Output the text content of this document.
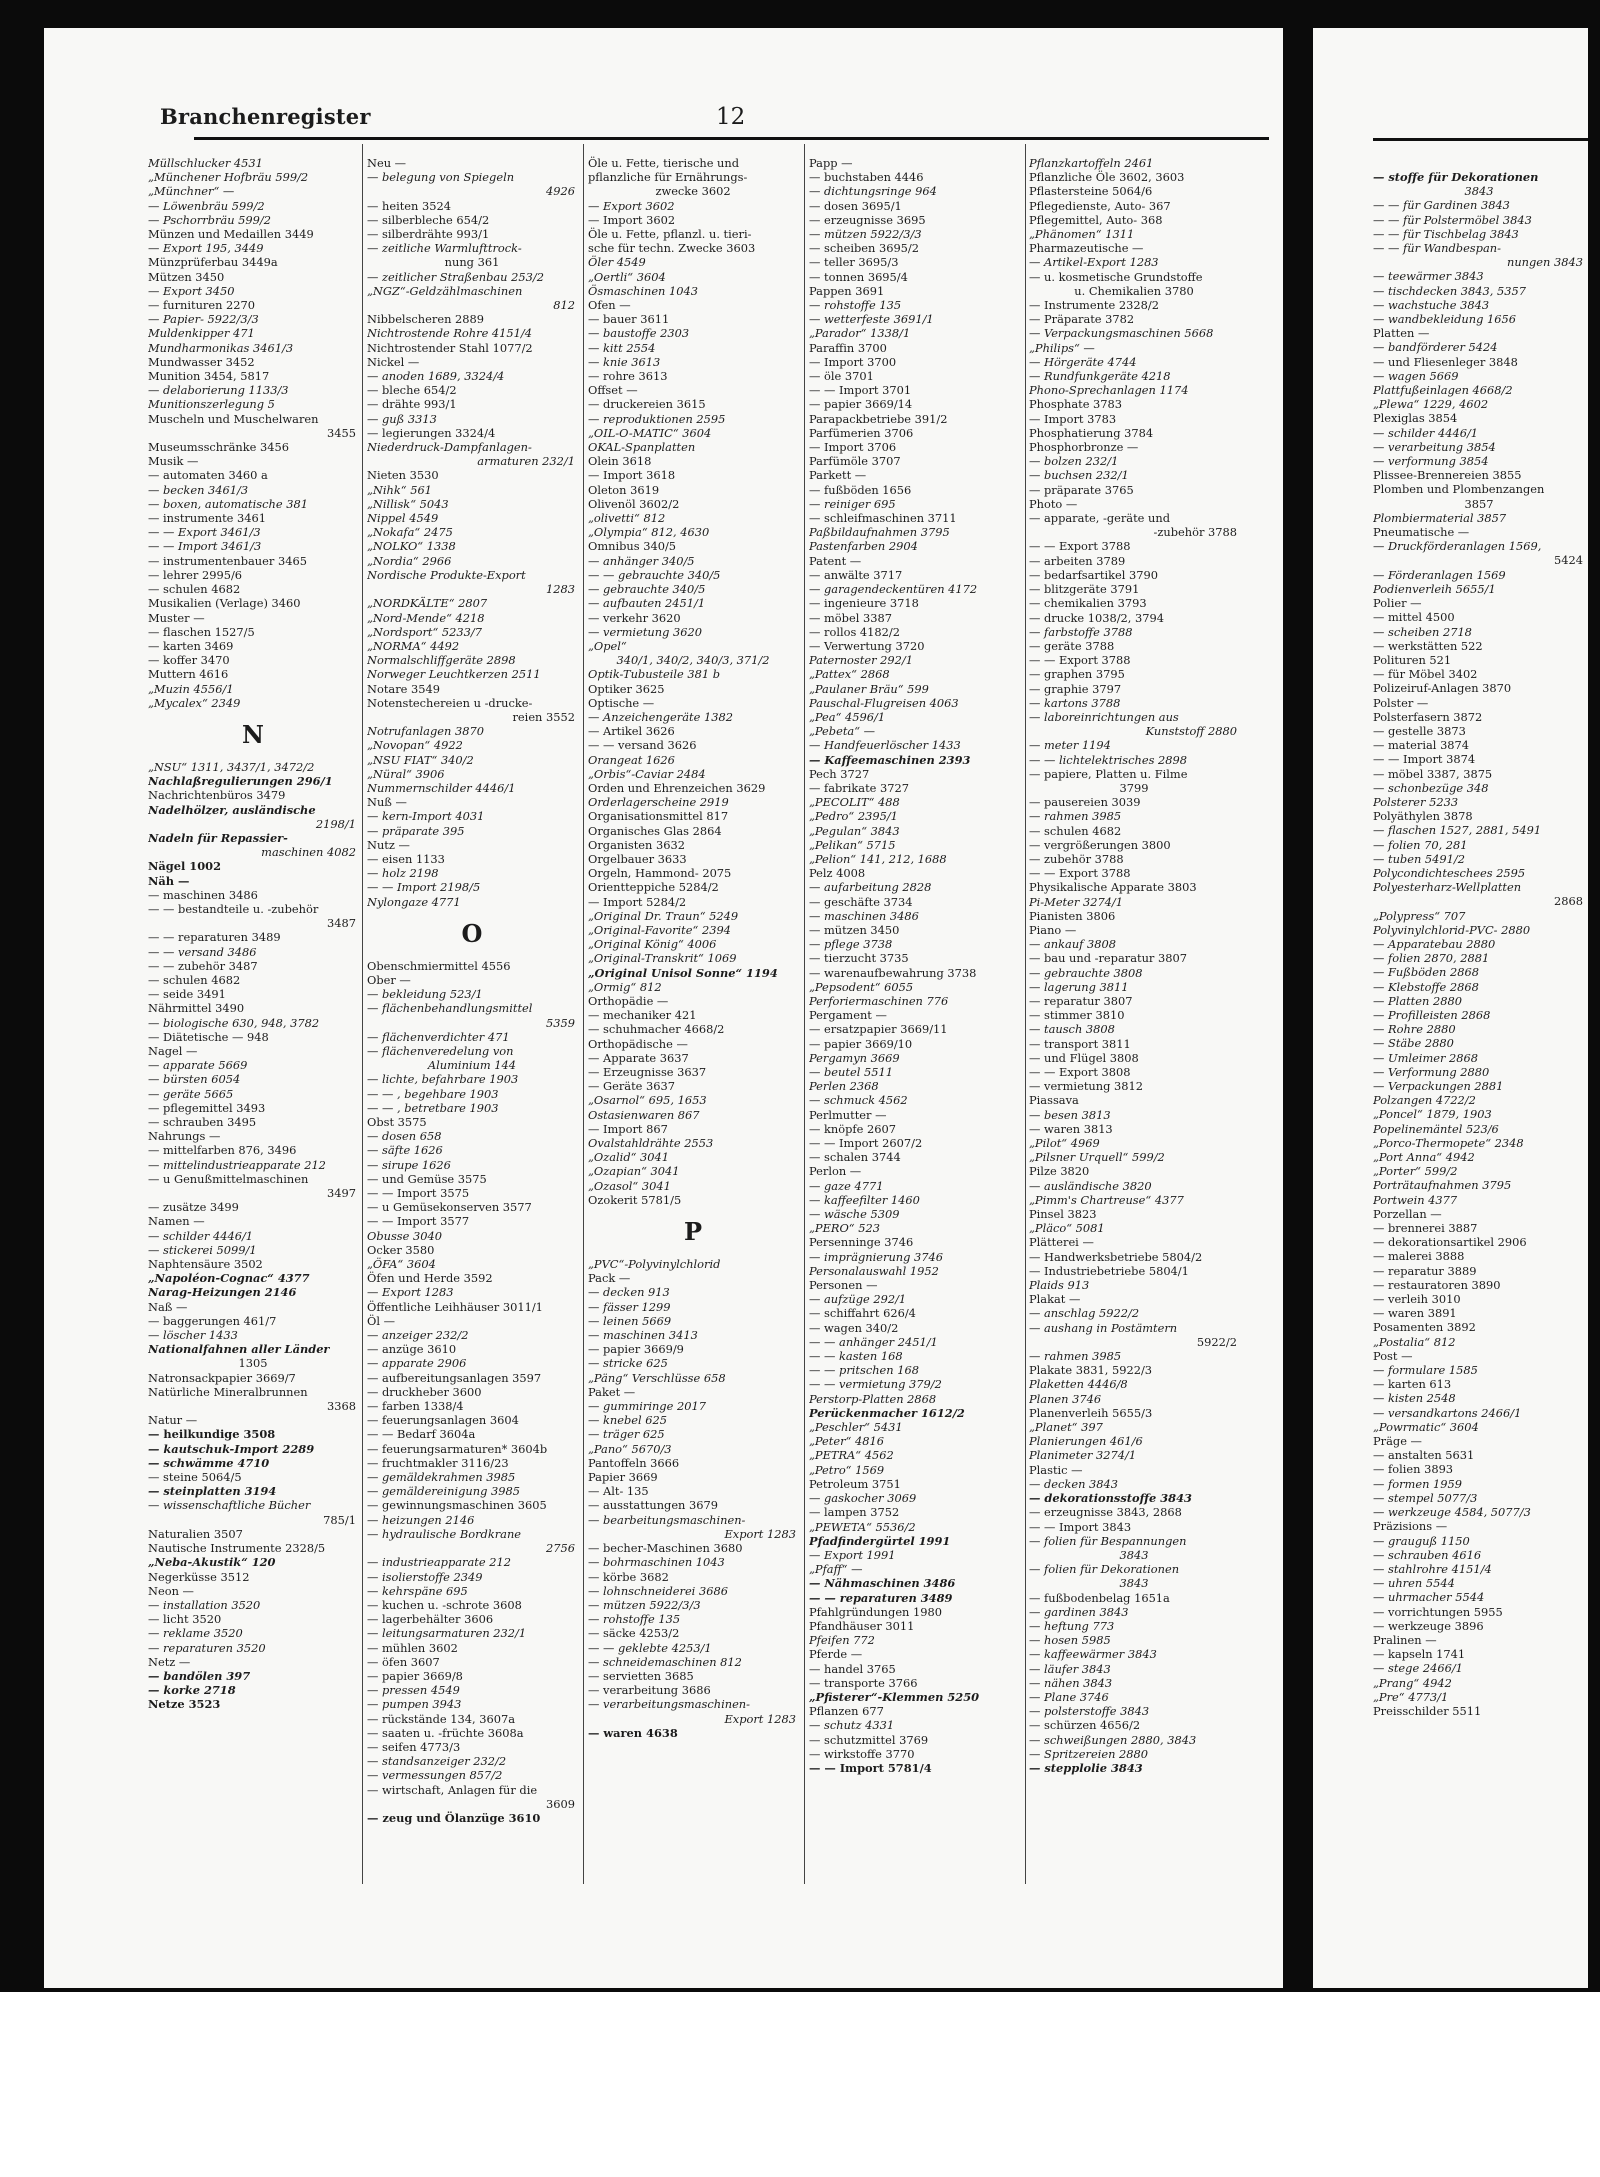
Branchenregister	12

Müllschlucker 4531

„Münchener Hofbräu 599/2

„Münchner“ —

— Löwenbräu 599/2

— Pschorrbräu 599/2

Münzen und Medaillen 3449

— Export 195, 3449

Münzprüferbau 3449a

Mützen 3450

— Export 3450

— furnituren 2270

— Papier- 5922/3/3

Muldenkipper 471

Mundharmonikas 3461/3

Mundwasser 3452

Munition 3454, 5817

— delaborierung 1133/3

Munitionszerlegung 5

Muscheln und Muschelwaren

3455

Museumsschränke 3456

Musik —

— automaten 3460 a

— becken 3461/3

— boxen, automatische 381

— instrumente 3461

— — Export 3461/3

— — Import 3461/3

— instrumentenbauer 3465

— lehrer 2995/6

— schulen 4682

Musikalien (Verlage) 3460

Muster —

— flaschen 1527/5

— karten 3469

— koffer 3470

Muttern 4616

„Muzin 4556/1

„Mycalex“ 2349

N

„NSU“ 1311, 3437/1, 3472/2

Nachlaßregulierungen 296/1

Nachrichtenbüros 3479

Nadelhölzer, ausländische

2198/1

Nadeln für Repassier-

maschinen 4082

Nägel 1002

Näh —

— maschinen 3486

— — bestandteile u. -zubehör

3487

— — reparaturen 3489

— — versand 3486

— — zubehör 3487

— schulen 4682

— seide 3491

Nährmittel 3490

— biologische 630, 948, 3782

— Diätetische — 948

Nagel —

— apparate 5669

— bürsten 6054

— geräte 5665

— pflegemittel 3493

— schrauben 3495

Nahrungs —

— mittelfarben 876, 3496

— mittelindustrieapparate 212

— u Genußmittelmaschinen

3497

— zusätze 3499

Namen —

— schilder 4446/1

— stickerei 5099/1

Naphtensäure 3502

„Napoléon-Cognac“ 4377

Narag-Heizungen 2146

Naß —

— baggerungen 461/7

— löscher 1433

Nationalfahnen aller Länder

1305

Natronsackpapier 3669/7

Natürliche Mineralbrunnen

3368

Natur —

— heilkundige 3508

— kautschuk-Import 2289

— schwämme 4710

— steine 5064/5

— steinplatten 3194

— wissenschaftliche Bücher

785/1

Naturalien 3507

Nautische Instrumente 2328/5

„Neba-Akustik“ 120

Negerküsse 3512

Neon —

— installation 3520

— licht 3520

— reklame 3520

— reparaturen 3520

Netz —

— bandölen 397

— korke 2718

Netze 3523

Neu —

— belegung von Spiegeln

4926

— heiten 3524

— silberbleche 654/2

— silberdrähte 993/1

— zeitliche Warmlufttrock-

nung 361

— zeitlicher Straßenbau 253/2

„NGZ“-Geldzählmaschinen

812

Nibbelscheren 2889

Nichtrostende Rohre 4151/4

Nichtrostender Stahl 1077/2

Nickel —

— anoden 1689, 3324/4

— bleche 654/2

— drähte 993/1

— guß 3313

— legierungen 3324/4

Niederdruck-Dampfanlagen-

armaturen 232/1

Nieten 3530

„Nihk“ 561

„Nillisk“ 5043

Nippel 4549

„Nokafa“ 2475

„NOLKO“ 1338

„Nordia“ 2966

Nordische Produkte-Export

1283

„NORDKÄLTE“ 2807

„Nord-Mende“ 4218

„Nordsport“ 5233/7

„NORMA“ 4492

Normalschliffgeräte 2898

Norweger Leuchtkerzen 2511

Notare 3549

Notenstechereien u -drucke-

reien 3552

Notrufanlagen 3870

„Novopan“ 4922

„NSU FIAT“ 340/2

„Nüral“ 3906

Nummernschilder 4446/1

Nuß —

— kern-Import 4031

— präparate 395

Nutz —

— eisen 1133

— holz 2198

— — Import 2198/5

Nylongaze 4771

O

Obenschmiermittel 4556

Ober —

— bekleidung 523/1

— flächenbehandlungsmittel

5359

— flächenverdichter 471

— flächenveredelung von

Aluminium 144

— lichte, befahrbare 1903

— — , begehbare 1903

— — , betretbare 1903

Obst 3575

— dosen 658

— säfte 1626

— sirupe 1626

— und Gemüse 3575

— — Import 3575

— u Gemüsekonserven 3577

— — Import 3577

Obusse 3040

Ocker 3580

„ÖFA“ 3604

Öfen und Herde 3592

— Export 1283

Öffentliche Leihhäuser 3011/1

Öl —

— anzeiger 232/2

— anzüge 3610

— apparate 2906

— aufbereitungsanlagen 3597

— druckheber 3600

— farben 1338/4

— feuerungsanlagen 3604

— — Bedarf 3604a

— feuerungsarmaturen* 3604b

— fruchtmakler 3116/23

— gemäldekrahmen 3985

— gemäldereinigung 3985

— gewinnungsmaschinen 3605

— heizungen 2146

— hydraulische Bordkrane

2756

— industrieapparate 212

— isolierstoffe 2349

— kehrspäne 695

— kuchen u. -schrote 3608

— lagerbehälter 3606

— leitungsarmaturen 232/1

— mühlen 3602

— öfen 3607

— papier 3669/8

— pressen 4549

— pumpen 3943

— rückstände 134, 3607a

— saaten u. -früchte 3608a

— seifen 4773/3

— standsanzeiger 232/2

— vermessungen 857/2

— wirtschaft, Anlagen für die

3609

— zeug und Ölanzüge 3610

Öle u. Fette, tierische und

pflanzliche für Ernährungs-

zwecke 3602

— Export 3602

— Import 3602

Öle u. Fette, pflanzl. u. tieri-

sche für techn. Zwecke 3603

Öler 4549

„Oertli“ 3604

Ösmaschinen 1043

Ofen —

— bauer 3611

— baustoffe 2303

— kitt 2554

— knie 3613

— rohre 3613

Offset —

— druckereien 3615

— reproduktionen 2595

„OIL-O-MATIC“ 3604

OKAL-Spanplatten

Olein 3618

— Import 3618

Oleton 3619

Olivenöl 3602/2

„olivetti“ 812

„Olympia“ 812, 4630

Omnibus 340/5

— anhänger 340/5

— — gebrauchte 340/5

— gebrauchte 340/5

— aufbauten 2451/1

— verkehr 3620

— vermietung 3620

„Opel“

340/1, 340/2, 340/3, 371/2

Optik-Tubusteile 381 b

Optiker 3625

Optische —

— Anzeichengeräte 1382

— Artikel 3626

— — versand 3626

Orangeat 1626

„Orbis“-Caviar 2484

Orden und Ehrenzeichen 3629

Orderlagerscheine 2919

Organisationsmittel 817

Organisches Glas 2864

Organisten 3632

Orgelbauer 3633

Orgeln, Hammond- 2075

Orientteppiche 5284/2

— Import 5284/2

„Original Dr. Traun“ 5249

„Original-Favorite“ 2394

„Original König“ 4006

„Original-Transkrit“ 1069

„Original Unisol Sonne“ 1194

„Ormig“ 812

Orthopädie —

— mechaniker 421

— schuhmacher 4668/2

Orthopädische —

— Apparate 3637

— Erzeugnisse 3637

— Geräte 3637

„Osarnol“ 695, 1653

Ostasienwaren 867

— Import 867

Ovalstahldrähte 2553

„Ozalid“ 3041

„Ozapian“ 3041

„Ozasol“ 3041

Ozokerit 5781/5

P

„PVC“-Polyvinylchlorid

Pack —

— decken 913

— fässer 1299

— leinen 5669

— maschinen 3413

— papier 3669/9

— stricke 625

„Päng“ Verschlüsse 658

Paket —

— gummiringe 2017

— knebel 625

— träger 625

„Pano“ 5670/3

Pantoffeln 3666

Papier 3669

— Alt- 135

— ausstattungen 3679

— bearbeitungsmaschinen-

Export 1283

— becher-Maschinen 3680

— bohrmaschinen 1043

— körbe 3682

— lohnschneiderei 3686

— mützen 5922/3/3

— rohstoffe 135

— säcke 4253/2

— — geklebte 4253/1

— schneidemaschinen 812

— servietten 3685

— verarbeitung 3686

— verarbeitungsmaschinen-

Export 1283

— waren 4638

Papp —

— buchstaben 4446

— dichtungsringe 964

— dosen 3695/1

— erzeugnisse 3695

— mützen 5922/3/3

— scheiben 3695/2

— teller 3695/3

— tonnen 3695/4

Pappen 3691

— rohstoffe 135

— wetterfeste 3691/1

„Parador“ 1338/1

Paraffin 3700

— Import 3700

— öle 3701

— — Import 3701

— papier 3669/14

Parapackbetriebe 391/2

Parfümerien 3706

— Import 3706

Parfümöle 3707

Parkett —

— fußböden 1656

— reiniger 695

— schleifmaschinen 3711

Paßbildaufnahmen 3795

Pastenfarben 2904

Patent —

— anwälte 3717

— garagendeckentüren 4172

— ingenieure 3718

— möbel 3387

— rollos 4182/2

— Verwertung 3720

Paternoster 292/1

„Pattex“ 2868

„Paulaner Bräu“ 599

Pauschal-Flugreisen 4063

„Pea“ 4596/1

„Pebeta“ —

— Handfeuerlöscher 1433

— Kaffeemaschinen 2393

Pech 3727

— fabrikate 3727

„PECOLIT“ 488

„Pedro“ 2395/1

„Pegulan“ 3843

„Pelikan“ 5715

„Pelion“ 141, 212, 1688

Pelz 4008

— aufarbeitung 2828

— geschäfte 3734

— maschinen 3486

— mützen 3450

— pflege 3738

— tierzucht 3735

— warenaufbewahrung 3738

„Pepsodent“ 6055

Perforiermaschinen 776

Pergament —

— ersatzpapier 3669/11

— papier 3669/10

Pergamyn 3669

— beutel 5511

Perlen 2368

— schmuck 4562

Perlmutter —

— knöpfe 2607

— — Import 2607/2

— schalen 3744

Perlon —

— gaze 4771

— kaffeefilter 1460

— wäsche 5309

„PERO“ 523

Persenninge 3746

— imprägnierung 3746

Personalauswahl 1952

Personen —

— aufzüge 292/1

— schiffahrt 626/4

— wagen 340/2

— — anhänger 2451/1

— — kasten 168

— — pritschen 168

— — vermietung 379/2

Perstorp-Platten 2868

Perückenmacher 1612/2

„Peschler“ 5431

„Peter“ 4816

„PETRA“ 4562

„Petro“ 1569

Petroleum 3751

— gaskocher 3069

— lampen 3752

„PEWETA“ 5536/2

Pfadfindergürtel 1991

— Export 1991

„Pfaff“ —

— Nähmaschinen 3486

— — reparaturen 3489

Pfahlgründungen 1980

Pfandhäuser 3011

Pfeifen 772

Pferde —

— handel 3765

— transporte 3766

„Pfisterer“-Klemmen 5250

Pflanzen 677

— schutz 4331

— schutzmittel 3769

— wirkstoffe 3770

— — Import 5781/4

Pflanzkartoffeln 2461

Pflanzliche Öle 3602, 3603

Pflastersteine 5064/6

Pflegedienste, Auto- 367

Pflegemittel, Auto- 368

„Phänomen“ 1311

Pharmazeutische —

— Artikel-Export 1283

— u. kosmetische Grundstoffe

u. Chemikalien 3780

— Instrumente 2328/2

— Präparate 3782

— Verpackungsmaschinen 5668

„Philips“ —

— Hörgeräte 4744

— Rundfunkgeräte 4218

Phono-Sprechanlagen 1174

Phosphate 3783

— Import 3783

Phosphatierung 3784

Phosphorbronze —

— bolzen 232/1

— buchsen 232/1

— präparate 3765

Photo —

— apparate, -geräte und

-zubehör 3788

— — Export 3788

— arbeiten 3789

— bedarfsartikel 3790

— blitzgeräte 3791

— chemikalien 3793

— drucke 1038/2, 3794

— farbstoffe 3788

— geräte 3788

— — Export 3788

— graphen 3795

— graphie 3797

— kartons 3788

— laboreinrichtungen aus

Kunststoff 2880

— meter 1194

— — lichtelektrisches 2898

— papiere, Platten u. Filme

3799

— pausereien 3039

— rahmen 3985

— schulen 4682

— vergrößerungen 3800

— zubehör 3788

— — Export 3788

Physikalische Apparate 3803

Pi-Meter 3274/1

Pianisten 3806

Piano —

— ankauf 3808

— bau und -reparatur 3807

— gebrauchte 3808

— lagerung 3811

— reparatur 3807

— stimmer 3810

— tausch 3808

— transport 3811

— und Flügel 3808

— — Export 3808

— vermietung 3812

Piassava

— besen 3813

— waren 3813

„Pilot“ 4969

„Pilsner Urquell“ 599/2

Pilze 3820

— ausländische 3820

„Pimm's Chartreuse“ 4377

Pinsel 3823

„Pläco“ 5081

Plätterei —

— Handwerksbetriebe 5804/2

— Industriebetriebe 5804/1

Plaids 913

Plakat —

— anschlag 5922/2

— aushang in Postämtern

5922/2

— rahmen 3985

Plakate 3831, 5922/3

Plaketten 4446/8

Planen 3746

Planenverleih 5655/3

„Planet“ 397

Planierungen 461/6

Planimeter 3274/1

Plastic —

— decken 3843

— dekorationsstoffe 3843

— erzeugnisse 3843, 2868

— — Import 3843

— folien für Bespannungen

3843

— folien für Dekorationen

3843

— fußbodenbelag 1651a

— gardinen 3843

— heftung 773

— hosen 5985

— kaffeewärmer 3843

— läufer 3843

— nähen 3843

— Plane 3746

— polsterstoffe 3843

— schürzen 4656/2

— schweißungen 2880, 3843

— Spritzereien 2880

— stepplolie 3843

— stoffe für Dekorationen

3843

— — für Gardinen 3843

— — für Polstermöbel 3843

— — für Tischbelag 3843

— — für Wandbespan-

nungen 3843

— teewärmer 3843

— tischdecken 3843, 5357

— wachstuche 3843

— wandbekleidung 1656

Platten —

— bandförderer 5424

— und Fliesenleger 3848

— wagen 5669

Plattfußeinlagen 4668/2

„Plewa“ 1229, 4602

Plexiglas 3854

— schilder 4446/1

— verarbeitung 3854

— verformung 3854

Plissee-Brennereien 3855

Plomben und Plombenzangen

3857

Plombiermaterial 3857

Pneumatische —

— Druckförderanlagen 1569,

5424

— Förderanlagen 1569

Podienverleih 5655/1

Polier —

— mittel 4500

— scheiben 2718

— werkstätten 522

Polituren 521

— für Möbel 3402

Polizeiruf-Anlagen 3870

Polster —

Polsterfasern 3872

— gestelle 3873

— material 3874

— — Import 3874

— möbel 3387, 3875

— schonbezüge 348

Polsterer 5233

Polyäthylen 3878

— flaschen 1527, 2881, 5491

— folien 70, 281

— tuben 5491/2

Polycondichteschees 2595

Polyesterharz-Wellplatten

2868

„Polypress“ 707

Polyvinylchlorid-PVC- 2880

— Apparatebau 2880

— folien 2870, 2881

— Fußböden 2868

— Klebstoffe 2868

— Platten 2880

— Profilleisten 2868

— Rohre 2880

— Stäbe 2880

— Umleimer 2868

— Verformung 2880

— Verpackungen 2881

Polzangen 4722/2

„Poncel“ 1879, 1903

Popelinemäntel 523/6

„Porco-Thermopete“ 2348

„Port Anna“ 4942

„Porter“ 599/2

Porträtaufnahmen 3795

Portwein 4377

Porzellan —

— brennerei 3887

— dekorationsartikel 2906

— malerei 3888

— reparatur 3889

— restauratoren 3890

— verleih 3010

— waren 3891

Posamenten 3892

„Postalia“ 812

Post —

— formulare 1585

— karten 613

— kisten 2548

— versandkartons 2466/1

„Powrmatic“ 3604

Präge —

— anstalten 5631

— folien 3893

— formen 1959

— stempel 5077/3

— werkzeuge 4584, 5077/3

Präzisions —

— grauguß 1150

— schrauben 4616

— stahlrohre 4151/4

— uhren 5544

— uhrmacher 5544

— vorrichtungen 5955

— werkzeuge 3896

Pralinen —

— kapseln 1741

— stege 2466/1

„Prang“ 4942

„Pre“ 4773/1

Preisschilder 5511
